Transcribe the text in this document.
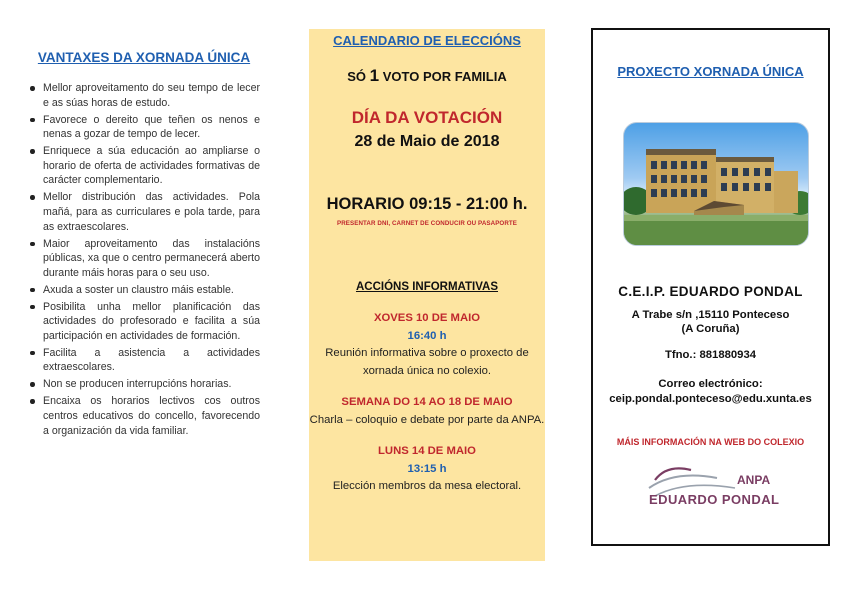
VANTAXES DA XORNADA ÚNICA
Mellor aproveitamento do seu tempo de lecer e as súas horas de estudo.
Favorece o dereito que teñen os nenos e nenas a gozar de tempo de lecer.
Enriquece a súa educación ao ampliarse o horario de oferta de actividades formativas de carácter complementario.
Mellor distribución das actividades. Pola mañá, para as curriculares e pola tarde, para as extraescolares.
Maior aproveitamento das instalacións públicas, xa que o centro permanecerá aberto durante máis horas para o seu uso.
Axuda a soster un claustro máis estable.
Posibilita unha mellor planificación das actividades do profesorado e facilita a súa participación en actividades de formación.
Facilita a asistencia a actividades extraescolares.
Non se producen interrupcións horarias.
Encaixa os horarios lectivos cos outros centros educativos do concello, favorecendo a organización da vida familiar.
CALENDARIO DE ELECCIÓNS
SÓ 1 VOTO POR FAMILIA
DÍA DA VOTACIÓN
28 de Maio de 2018
HORARIO 09:15 - 21:00 h.
PRESENTAR DNI, CARNET DE CONDUCIR OU PASAPORTE
ACCIÓNS INFORMATIVAS
XOVES 10 DE MAIO
16:40 h
Reunión informativa sobre o proxecto de xornada única no colexio.
SEMANA DO 14 AO 18 DE MAIO
Charla – coloquio e debate por parte da ANPA.
LUNS 14 DE MAIO
13:15 h
Elección membros da mesa electoral.
PROXECTO XORNADA ÚNICA
C.E.I.P. EDUARDO PONDAL
A Trabe s/n ,15110 Ponteceso
(A Coruña)
Tfno.: 881880934
Correo electrónico:
ceip.pondal.ponteceso@edu.xunta.es
MÁIS INFORMACIÓN NA WEB DO COLEXIO
ANPA
EDUARDO PONDAL
